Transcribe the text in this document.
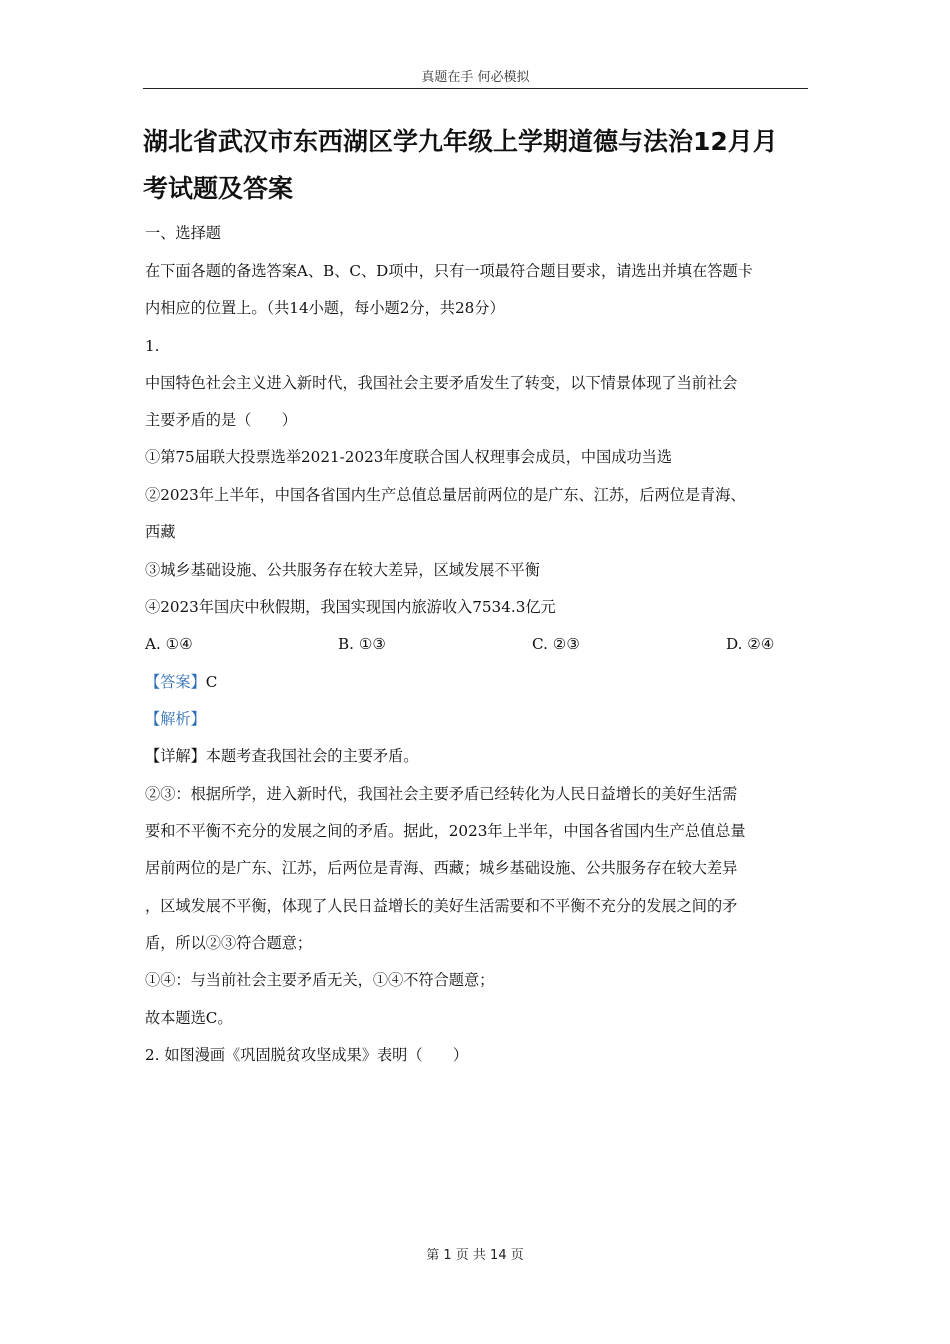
真题在手 何必模拟
湖北省武汉市东西湖区学九年级上学期道德与法治12月月
考试题及答案
一、选择题
在下面各题的备选答案A、B、C、D项中，只有一项最符合题目要求，请选出并填在答题卡
内相应的位置上。（共14小题，每小题2分，共28分）
1.
中国特色社会主义进入新时代，我国社会主要矛盾发生了转变，以下情景体现了当前社会
主要矛盾的是（　　）
①第75届联大投票选举2021-2023年度联合国人权理事会成员，中国成功当选
②2023年上半年，中国各省国内生产总值总量居前两位的是广东、江苏，后两位是青海、
西藏
③城乡基础设施、公共服务存在较大差异，区域发展不平衡
④2023年国庆中秋假期，我国实现国内旅游收入7534.3亿元
A. ①④	B. ①③	C. ②③	D. ②④
【答案】C
【解析】
【详解】本题考查我国社会的主要矛盾。
②③：根据所学，进入新时代，我国社会主要矛盾已经转化为人民日益增长的美好生活需
要和不平衡不充分的发展之间的矛盾。据此，2023年上半年，中国各省国内生产总值总量
居前两位的是广东、江苏，后两位是青海、西藏；城乡基础设施、公共服务存在较大差异
，区域发展不平衡，体现了人民日益增长的美好生活需要和不平衡不充分的发展之间的矛
盾，所以②③符合题意；
①④：与当前社会主要矛盾无关，①④不符合题意；
故本题选C。
2. 如图漫画《巩固脱贫攻坚成果》表明（　　）
第 1 页 共 14 页
